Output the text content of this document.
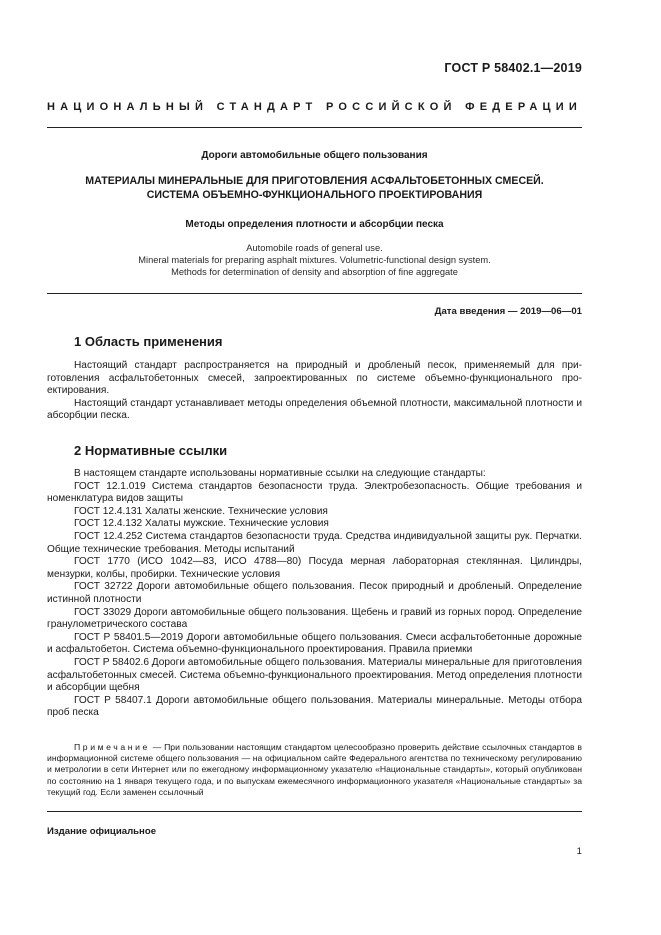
ГОСТ Р 58402.1—2019
НАЦИОНАЛЬНЫЙ СТАНДАРТ РОССИЙСКОЙ ФЕДЕРАЦИИ
Дороги автомобильные общего пользования
МАТЕРИАЛЫ МИНЕРАЛЬНЫЕ ДЛЯ ПРИГОТОВЛЕНИЯ АСФАЛЬТОБЕТОННЫХ СМЕСЕЙ.
СИСТЕМА ОБЪЕМНО-ФУНКЦИОНАЛЬНОГО ПРОЕКТИРОВАНИЯ
Методы определения плотности и абсорбции песка
Automobile roads of general use.
Mineral materials for preparing asphalt mixtures. Volumetric-functional design system.
Methods for determination of density and absorption of fine aggregate
Дата введения — 2019—06—01
1 Область применения

Настоящий стандарт распространяется на природный и дробленый песок, применяемый для приготовления асфальтобетонных смесей, запроектированных по системе объемно-функционального проектирования.

Настоящий стандарт устанавливает методы определения объемной плотности, максимальной плотности и абсорбции песка.

2 Нормативные ссылки

В настоящем стандарте использованы нормативные ссылки на следующие стандарты:

ГОСТ 12.1.019 Система стандартов безопасности труда. Электробезопасность. Общие требования и номенклатура видов защиты

ГОСТ 12.4.131 Халаты женские. Технические условия

ГОСТ 12.4.132 Халаты мужские. Технические условия

ГОСТ 12.4.252 Система стандартов безопасности труда. Средства индивидуальной защиты рук. Перчатки. Общие технические требования. Методы испытаний

ГОСТ 1770 (ИСО 1042—83, ИСО 4788—80) Посуда мерная лабораторная стеклянная. Цилиндры, мензурки, колбы, пробирки. Технические условия

ГОСТ 32722 Дороги автомобильные общего пользования. Песок природный и дробленый. Определение истинной плотности

ГОСТ 33029 Дороги автомобильные общего пользования. Щебень и гравий из горных пород. Определение гранулометрического состава

ГОСТ Р 58401.5—2019 Дороги автомобильные общего пользования. Смеси асфальтобетонные дорожные и асфальтобетон. Система объемно-функционального проектирования. Правила приемки

ГОСТ Р 58402.6 Дороги автомобильные общего пользования. Материалы минеральные для приготовления асфальтобетонных смесей. Система объемно-функционального проектирования. Метод определения плотности и абсорбции щебня

ГОСТ Р 58407.1 Дороги автомобильные общего пользования. Материалы минеральные. Методы отбора проб песка

Примечание — При пользовании настоящим стандартом целесообразно проверить действие ссылочных стандартов в информационной системе общего пользования — на официальном сайте Федерального агентства по техническому регулированию и метрологии в сети Интернет или по ежегодному информационному указателю «Национальные стандарты», который опубликован по состоянию на 1 января текущего года, и по выпускам ежемесячного информационного указателя «Национальные стандарты» за текущий год. Если заменен ссылочный

Издание официальное
1
